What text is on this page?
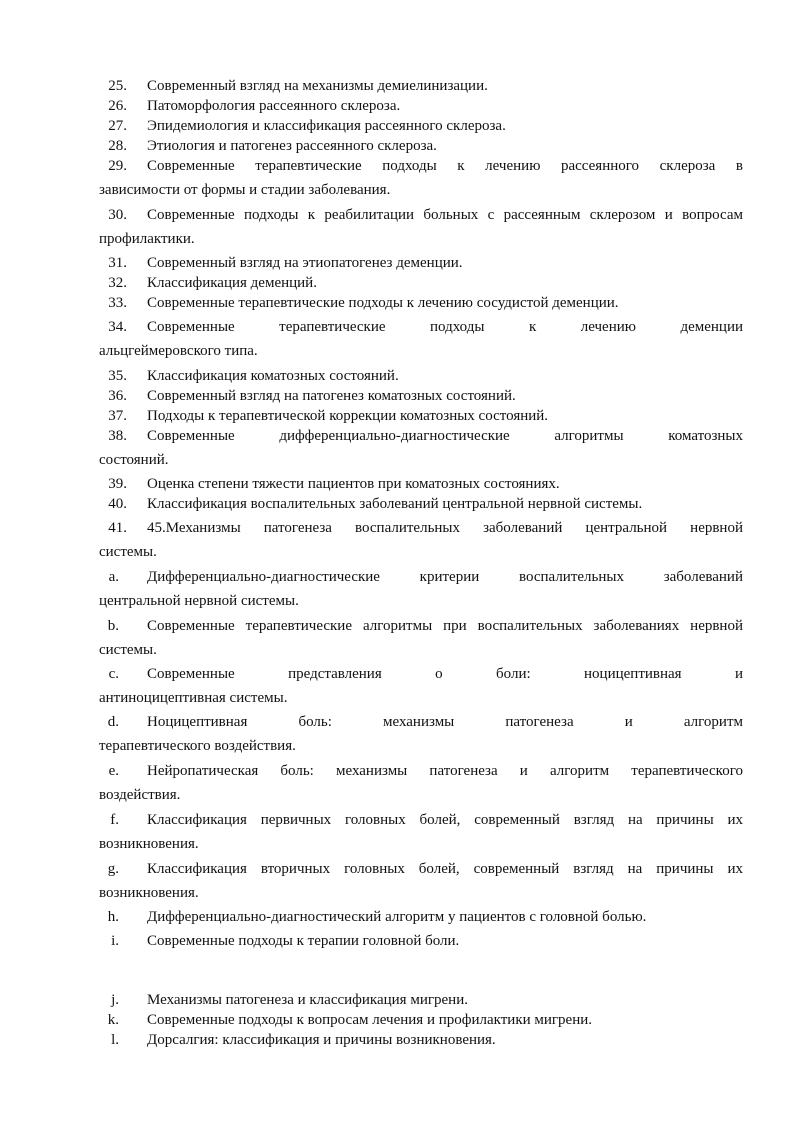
25. Современный взгляд на механизмы демиелинизации.
26. Патоморфология рассеянного склероза.
27. Эпидемиология и классификация рассеянного склероза.
28. Этиология и патогенез рассеянного склероза.
29. Современные терапевтические подходы к лечению рассеянного склероза в
зависимости от формы и стадии заболевания.
30. Современные подходы к реабилитации больных с рассеянным склерозом и вопросам
профилактики.
31. Современный взгляд на этиопатогенез деменции.
32. Классификация деменций.
33. Современные терапевтические подходы к лечению сосудистой деменции.
34. Современные терапевтические подходы к лечению деменции
альцгеймеровского типа.
35. Классификация коматозных состояний.
36. Современный взгляд на патогенез коматозных состояний.
37. Подходы к терапевтической коррекции коматозных состояний.
38. Современные дифференциально-диагностические алгоритмы коматозных
состояний.
39. Оценка степени тяжести пациентов при коматозных состояниях.
40. Классификация воспалительных заболеваний центральной нервной системы.
41. 45.Механизмы патогенеза воспалительных заболеваний центральной нервной
системы.
a. Дифференциально-диагностические критерии воспалительных заболеваний
центральной нервной системы.
b. Современные терапевтические алгоритмы при воспалительных заболеваниях нервной
системы.
c. Современные представления о боли: ноцицептивная и
антиноцицептивная системы.
d. Ноцицептивная боль: механизмы патогенеза и алгоритм
терапевтического воздействия.
e. Нейропатическая боль: механизмы патогенеза и алгоритм терапевтического
воздействия.
f. Классификация первичных головных болей, современный взгляд на причины их
возникновения.
g. Классификация вторичных головных болей, современный взгляд на причины их
возникновения.
h. Дифференциально-диагностический алгоритм у пациентов с головной болью.
i. Современные подходы к терапии головной боли.
j. Механизмы патогенеза и классификация мигрени.
k. Современные подходы к вопросам лечения и профилактики мигрени.
l. Дорсалгия: классификация и причины возникновения.
